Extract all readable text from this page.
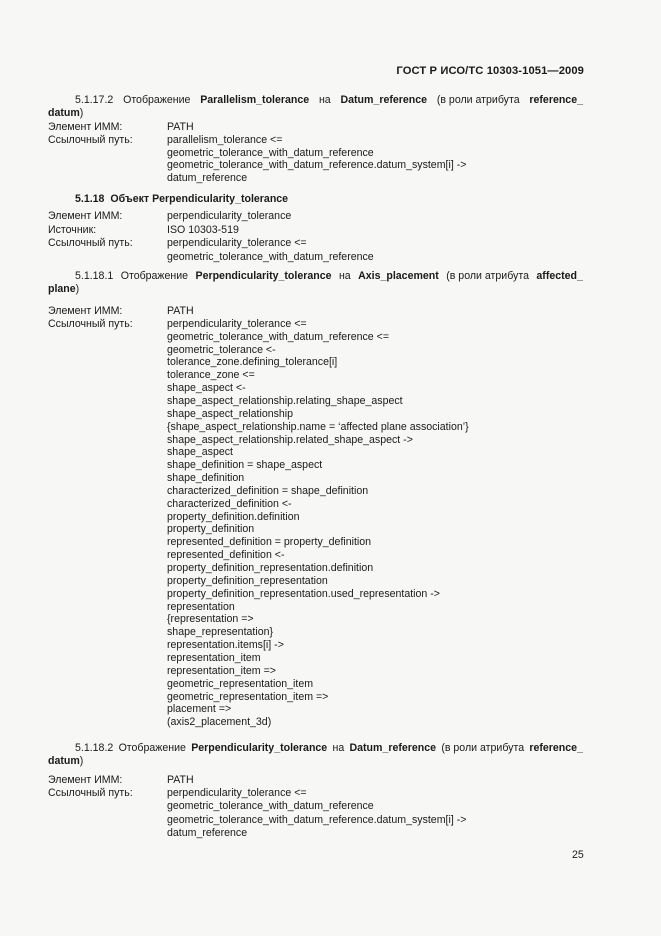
ГОСТ Р ИСО/ТС 10303-1051—2009
5.1.17.2 Отображение Parallelism_tolerance на Datum_reference (в роли атрибута reference_
datum)
Элемент ИММ:	PATH
Ссылочный путь:	parallelism_tolerance <=
geometric_tolerance_with_datum_reference
geometric_tolerance_with_datum_reference.datum_system[i] ->
datum_reference
5.1.18 Объект Perpendicularity_tolerance
Элемент ИММ:	perpendicularity_tolerance
Источник:	ISO 10303-519
Ссылочный путь:	perpendicularity_tolerance <=
geometric_tolerance_with_datum_reference
5.1.18.1 Отображение Perpendicularity_tolerance на Axis_placement (в роли атрибута affected_
plane)
Элемент ИММ:	PATH
Ссылочный путь:	perpendicularity_tolerance <=
geometric_tolerance_with_datum_reference <=
geometric_tolerance <-
tolerance_zone.defining_tolerance[i]
tolerance_zone <=
shape_aspect <-
shape_aspect_relationship.relating_shape_aspect
shape_aspect_relationship
{shape_aspect_relationship.name = ‘affected plane association’}
shape_aspect_relationship.related_shape_aspect ->
shape_aspect
shape_definition = shape_aspect
shape_definition
characterized_definition = shape_definition
characterized_definition <-
property_definition.definition
property_definition
represented_definition = property_definition
represented_definition <-
property_definition_representation.definition
property_definition_representation
property_definition_representation.used_representation ->
representation
{representation =>
shape_representation}
representation.items[i] ->
representation_item
representation_item =>
geometric_representation_item
geometric_representation_item =>
placement =>
(axis2_placement_3d)
5.1.18.2 Отображение Perpendicularity_tolerance на Datum_reference (в роли атрибута reference_
datum)
Элемент ИММ:	PATH
Ссылочный путь:	perpendicularity_tolerance <=
geometric_tolerance_with_datum_reference
geometric_tolerance_with_datum_reference.datum_system[i] ->
datum_reference
25
